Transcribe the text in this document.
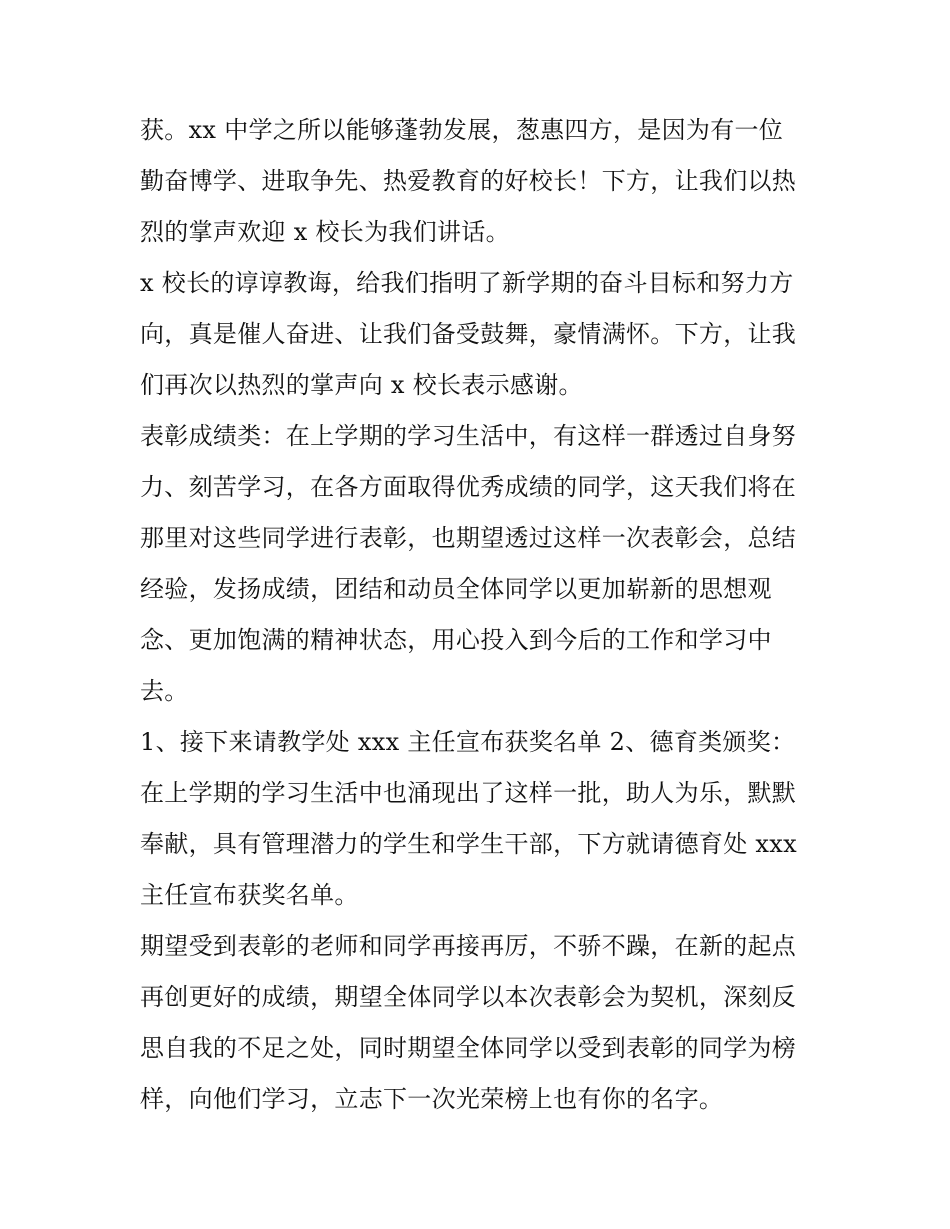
获。xx 中学之所以能够蓬勃发展，葱惠四方，是因为有一位
勤奋博学、进取争先、热爱教育的好校长！下方，让我们以热
烈的掌声欢迎 x 校长为我们讲话。
x 校长的谆谆教诲，给我们指明了新学期的奋斗目标和努力方
向，真是催人奋进、让我们备受鼓舞，豪情满怀。下方，让我
们再次以热烈的掌声向 x 校长表示感谢。
表彰成绩类：在上学期的学习生活中，有这样一群透过自身努
力、刻苦学习，在各方面取得优秀成绩的同学，这天我们将在
那里对这些同学进行表彰，也期望透过这样一次表彰会，总结
经验，发扬成绩，团结和动员全体同学以更加崭新的思想观
念、更加饱满的精神状态，用心投入到今后的工作和学习中
去。
1、接下来请教学处 xxx 主任宣布获奖名单 2、德育类颁奖：
在上学期的学习生活中也涌现出了这样一批，助人为乐，默默
奉献，具有管理潜力的学生和学生干部，下方就请德育处 xxx
主任宣布获奖名单。
期望受到表彰的老师和同学再接再厉，不骄不躁，在新的起点
再创更好的成绩，期望全体同学以本次表彰会为契机，深刻反
思自我的不足之处，同时期望全体同学以受到表彰的同学为榜
样，向他们学习，立志下一次光荣榜上也有你的名字。
